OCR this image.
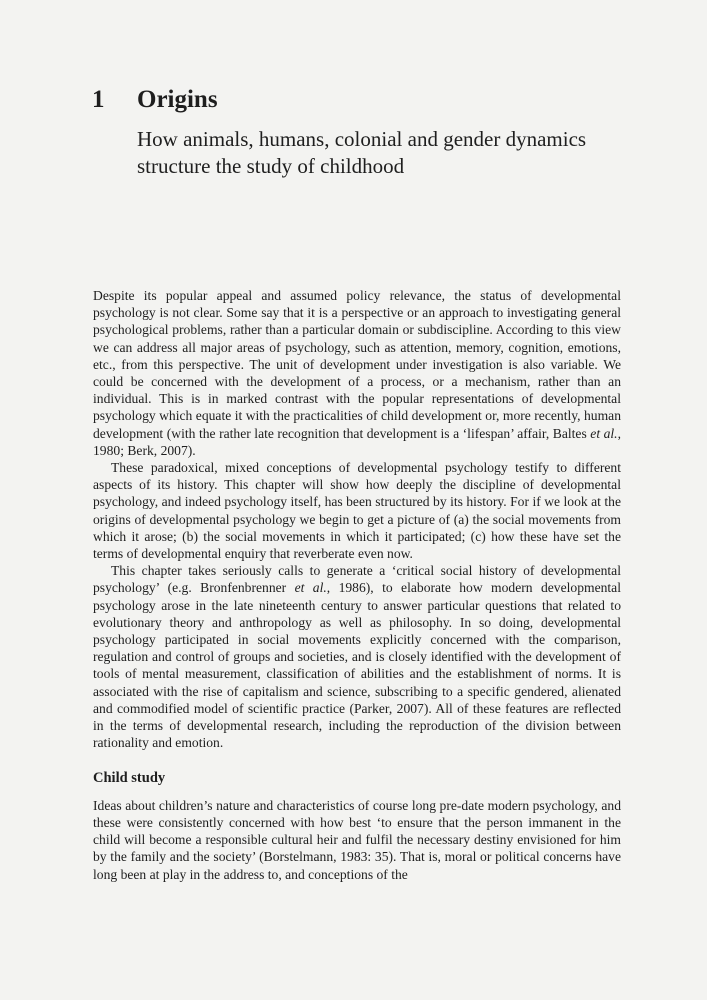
1	Origins
How animals, humans, colonial and gender dynamics structure the study of childhood

Despite its popular appeal and assumed policy relevance, the status of developmental psychology is not clear. Some say that it is a perspective or an approach to investigating general psychological problems, rather than a particular domain or subdiscipline. According to this view we can address all major areas of psychology, such as attention, memory, cognition, emotions, etc., from this perspective. The unit of development under investigation is also variable. We could be concerned with the development of a process, or a mechanism, rather than an individual. This is in marked contrast with the popular representations of developmental psychology which equate it with the practicalities of child development or, more recently, human development (with the rather late recognition that development is a ‘lifespan’ affair, Baltes et al., 1980; Berk, 2007).

These paradoxical, mixed conceptions of developmental psychology testify to different aspects of its history. This chapter will show how deeply the discipline of developmental psychology, and indeed psychology itself, has been structured by its history. For if we look at the origins of developmental psychology we begin to get a picture of (a) the social movements from which it arose; (b) the social movements in which it participated; (c) how these have set the terms of developmental enquiry that reverberate even now.

This chapter takes seriously calls to generate a ‘critical social history of developmental psychology’ (e.g. Bronfenbrenner et al., 1986), to elaborate how modern developmental psychology arose in the late nineteenth century to answer particular questions that related to evolutionary theory and anthropology as well as philosophy. In so doing, developmental psychology participated in social movements explicitly concerned with the comparison, regulation and control of groups and societies, and is closely identified with the development of tools of mental measurement, classification of abilities and the establishment of norms. It is associated with the rise of capitalism and science, subscribing to a specific gendered, alienated and commodified model of scientific practice (Parker, 2007). All of these features are reflected in the terms of developmental research, including the reproduction of the division between rationality and emotion.

Child study

Ideas about children’s nature and characteristics of course long pre-date modern psychology, and these were consistently concerned with how best ‘to ensure that the person immanent in the child will become a responsible cultural heir and fulfil the necessary destiny envisioned for him by the family and the society’ (Borstelmann, 1983: 35). That is, moral or political concerns have long been at play in the address to, and conceptions of the
